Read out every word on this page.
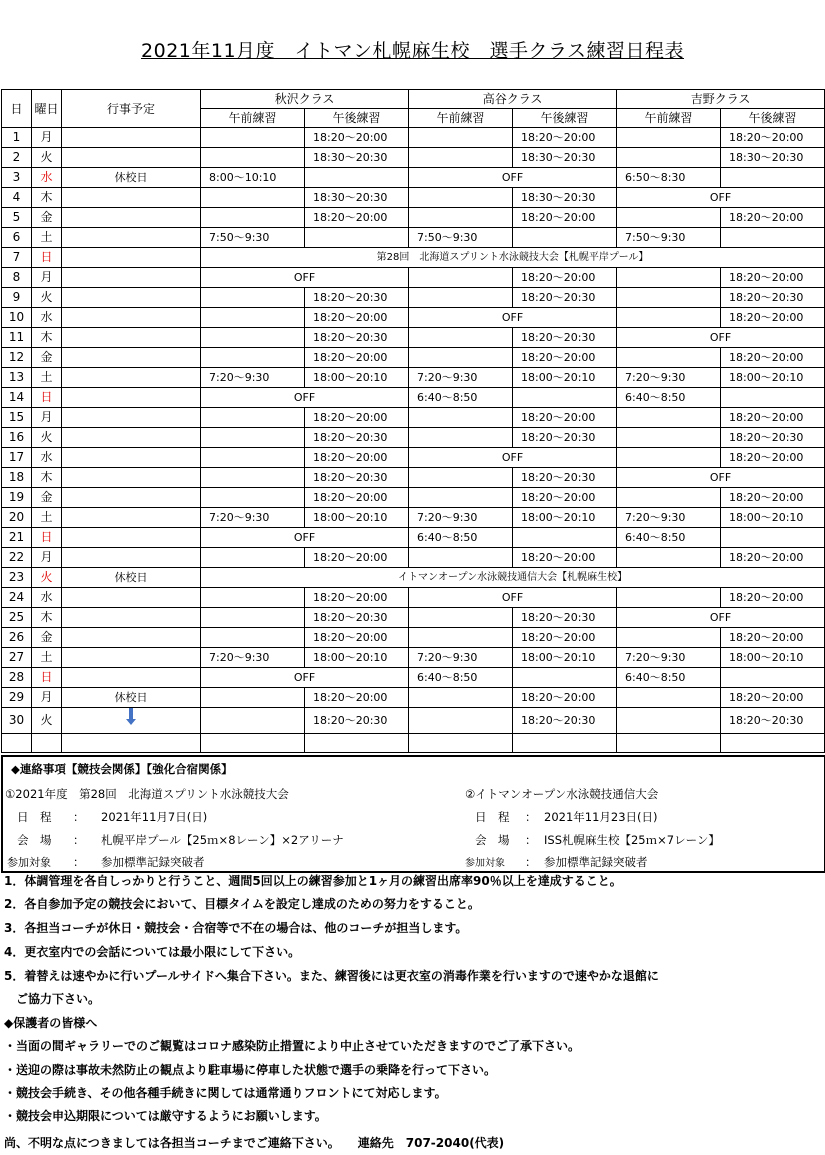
2021年11月度　イトマン札幌麻生校　選手クラス練習日程表
日	曜日	行事予定	秋沢クラス		高谷クラス		吉野クラス	
			午前練習	午後練習	午前練習	午後練習	午前練習	午後練習
1	月			18:20～20:00		18:20～20:00		18:20～20:00
2	火			18:30～20:30		18:30～20:30		18:30～20:30
3	水	休校日	8:00～10:10		OFF		6:50～8:30	
4	木			18:30～20:30		18:30～20:30	OFF	
5	金			18:20～20:00		18:20～20:00		18:20～20:00
6	土		7:50～9:30		7:50～9:30		7:50～9:30	
7	日		第28回　北海道スプリント水泳競技大会【札幌平岸プール】					
8	月		OFF			18:20～20:00		18:20～20:00
9	火			18:20～20:30		18:20～20:30		18:20～20:30
10	水			18:20～20:00	OFF			18:20～20:00
11	木			18:20～20:30		18:20～20:30	OFF	
12	金			18:20～20:00		18:20～20:00		18:20～20:00
13	土		7:20～9:30	18:00～20:10	7:20～9:30	18:00～20:10	7:20～9:30	18:00～20:10
14	日		OFF		6:40～8:50		6:40～8:50	
15	月			18:20～20:00		18:20～20:00		18:20～20:00
16	火			18:20～20:30		18:20～20:30		18:20～20:30
17	水			18:20～20:00	OFF			18:20～20:00
18	木			18:20～20:30		18:20～20:30	OFF	
19	金			18:20～20:00		18:20～20:00		18:20～20:00
20	土		7:20～9:30	18:00～20:10	7:20～9:30	18:00～20:10	7:20～9:30	18:00～20:10
21	日		OFF		6:40～8:50		6:40～8:50	
22	月			18:20～20:00		18:20～20:00		18:20～20:00
23	火	休校日	イトマンオープン水泳競技通信大会【札幌麻生校】					
24	水			18:20～20:00	OFF			18:20～20:00
25	木			18:20～20:30		18:20～20:30	OFF	
26	金			18:20～20:00		18:20～20:00		18:20～20:00
27	土		7:20～9:30	18:00～20:10	7:20～9:30	18:00～20:10	7:20～9:30	18:00～20:10
28	日		OFF		6:40～8:50		6:40～8:50	
29	月	休校日		18:20～20:00		18:20～20:00		18:20～20:00
30	火			18:20～20:30		18:20～20:30		18:20～20:30

◆連絡事項【競技会関係】【強化合宿関係】
①2021年度　第28回　北海道スプリント水泳競技大会
日　程 ： 2021年11月7日(日)
会　場 ： 札幌平岸プール【25ｍ×8レーン】×2アリーナ
参加対象 ： 参加標準記録突破者
②イトマンオープン水泳競技通信大会
日　程 ： 2021年11月23日(日)
会　場 ： ISS札幌麻生校【25ｍ×7レーン】
参加対象 ： 参加標準記録突破者
1．体調管理を各自しっかりと行うこと、週間5回以上の練習参加と1ヶ月の練習出席率90％以上を達成すること。
2．各自参加予定の競技会において、目標タイムを設定し達成のための努力をすること。
3．各担当コーチが休日・競技会・合宿等で不在の場合は、他のコーチが担当します。
4．更衣室内での会話については最小限にして下さい。
5．着替えは速やかに行いプールサイドへ集合下さい。また、練習後には更衣室の消毒作業を行いますので速やかな退館に
　ご協力下さい。
◆保護者の皆様へ
・当面の間ギャラリーでのご観覧はコロナ感染防止措置により中止させていただきますのでご了承下さい。
・送迎の際は事故未然防止の観点より駐車場に停車した状態で選手の乗降を行って下さい。
・競技会手続き、その他各種手続きに関しては通常通りフロントにて対応します。
・競技会申込期限については厳守するようにお願いします。
尚、不明な点につきましては各担当コーチまでご連絡下さい。　　連絡先　707-2040(代表)
